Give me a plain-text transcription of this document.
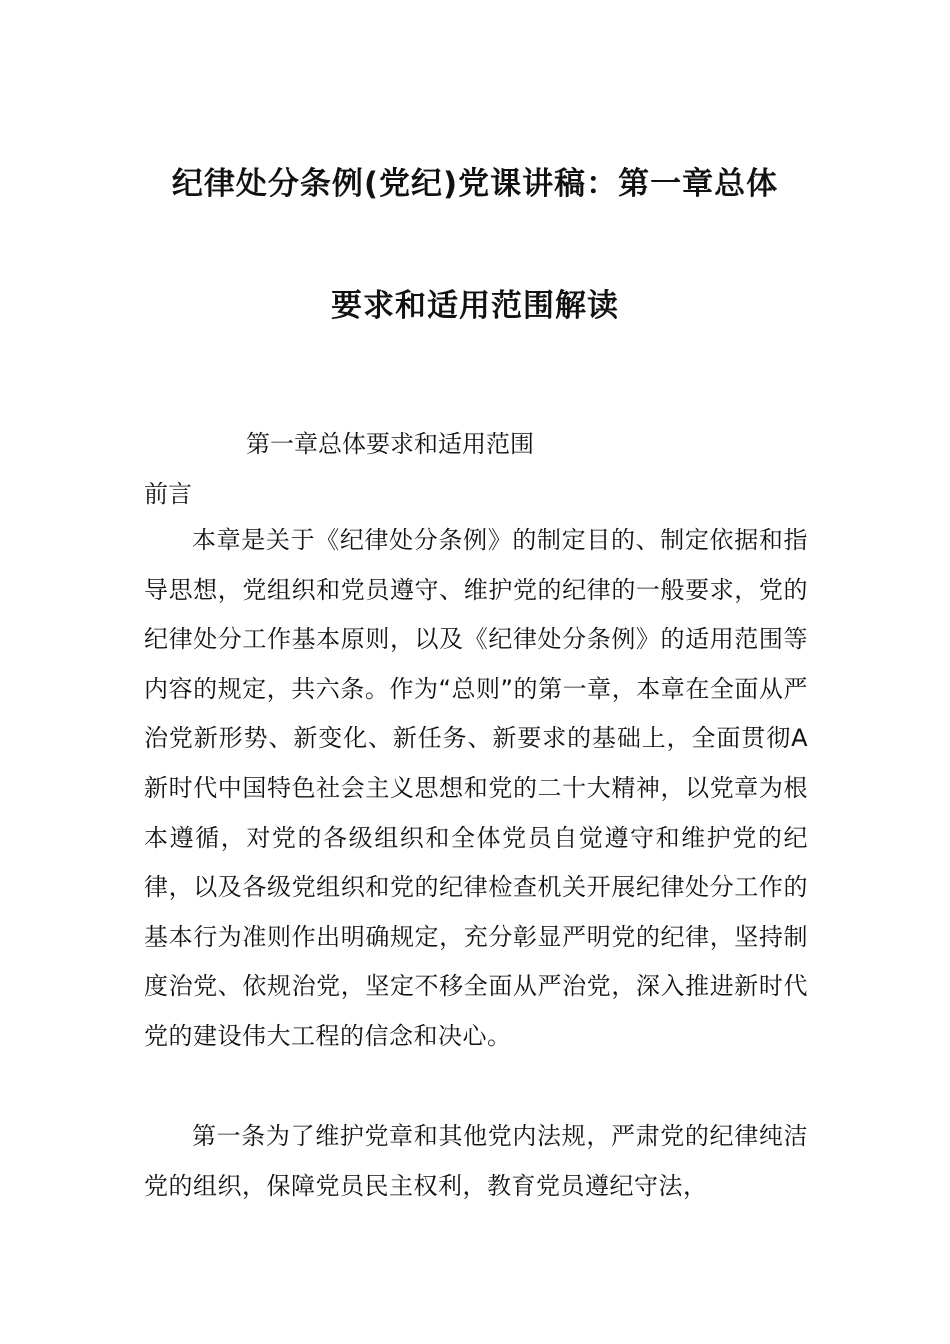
纪律处分条例(党纪)党课讲稿：第一章总体
要求和适用范围解读
第一章总体要求和适用范围
前言

本章是关于《纪律处分条例》的制定目的、制定依据和指导思想，党组织和党员遵守、维护党的纪律的一般要求，党的纪律处分工作基本原则，以及《纪律处分条例》的适用范围等内容的规定，共六条。作为“总则”的第一章，本章在全面从严治党新形势、新变化、新任务、新要求的基础上，全面贯彻A新时代中国特色社会主义思想和党的二十大精神，以党章为根本遵循，对党的各级组织和全体党员自觉遵守和维护党的纪律，以及各级党组织和党的纪律检查机关开展纪律处分工作的基本行为准则作出明确规定，充分彰显严明党的纪律，坚持制度治党、依规治党，坚定不移全面从严治党，深入推进新时代党的建设伟大工程的信念和决心。

第一条为了维护党章和其他党内法规，严肃党的纪律纯洁党的组织，保障党员民主权利，教育党员遵纪守法，
